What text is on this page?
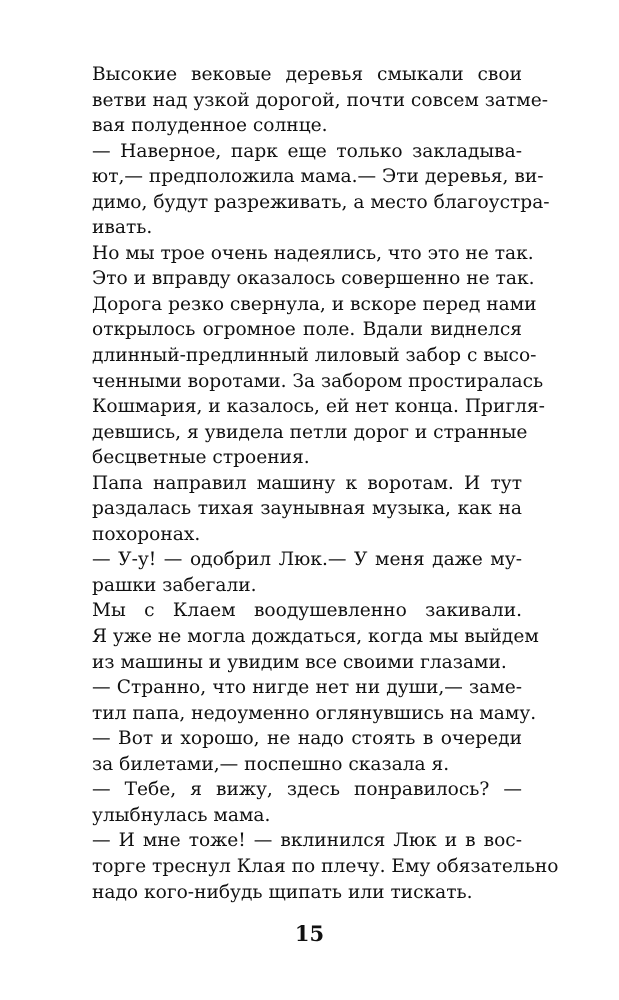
Высокие вековые деревья смыкали свои
ветви над узкой дорогой, почти совсем затме-
вая полуденное солнце.
— Наверное, парк еще только закладыва-
ют,— предположила мама.— Эти деревья, ви-
димо, будут разреживать, а место благоустра-
ивать.
Но мы трое очень надеялись, что это не так.
Это и вправду оказалось совершенно не так.
Дорога резко свернула, и вскоре перед нами
открылось огромное поле. Вдали виднелся
длинный-предлинный лиловый забор с высо-
ченными воротами. За забором простиралась
Кошмария, и казалось, ей нет конца. Пригля-
девшись, я увидела петли дорог и странные
бесцветные строения.
Папа направил машину к воротам. И тут
раздалась тихая заунывная музыка, как на
похоронах.
— У-у! — одобрил Люк.— У меня даже му-
рашки забегали.
Мы с Клаем воодушевленно закивали.
Я уже не могла дождаться, когда мы выйдем
из машины и увидим все своими глазами.
— Странно, что нигде нет ни души,— заме-
тил папа, недоуменно оглянувшись на маму.
— Вот и хорошо, не надо стоять в очереди
за билетами,— поспешно сказала я.
— Тебе, я вижу, здесь понравилось? —
улыбнулась мама.
— И мне тоже! — вклинился Люк и в вос-
торге треснул Клая по плечу. Ему обязательно
надо кого-нибудь щипать или тискать.
15
